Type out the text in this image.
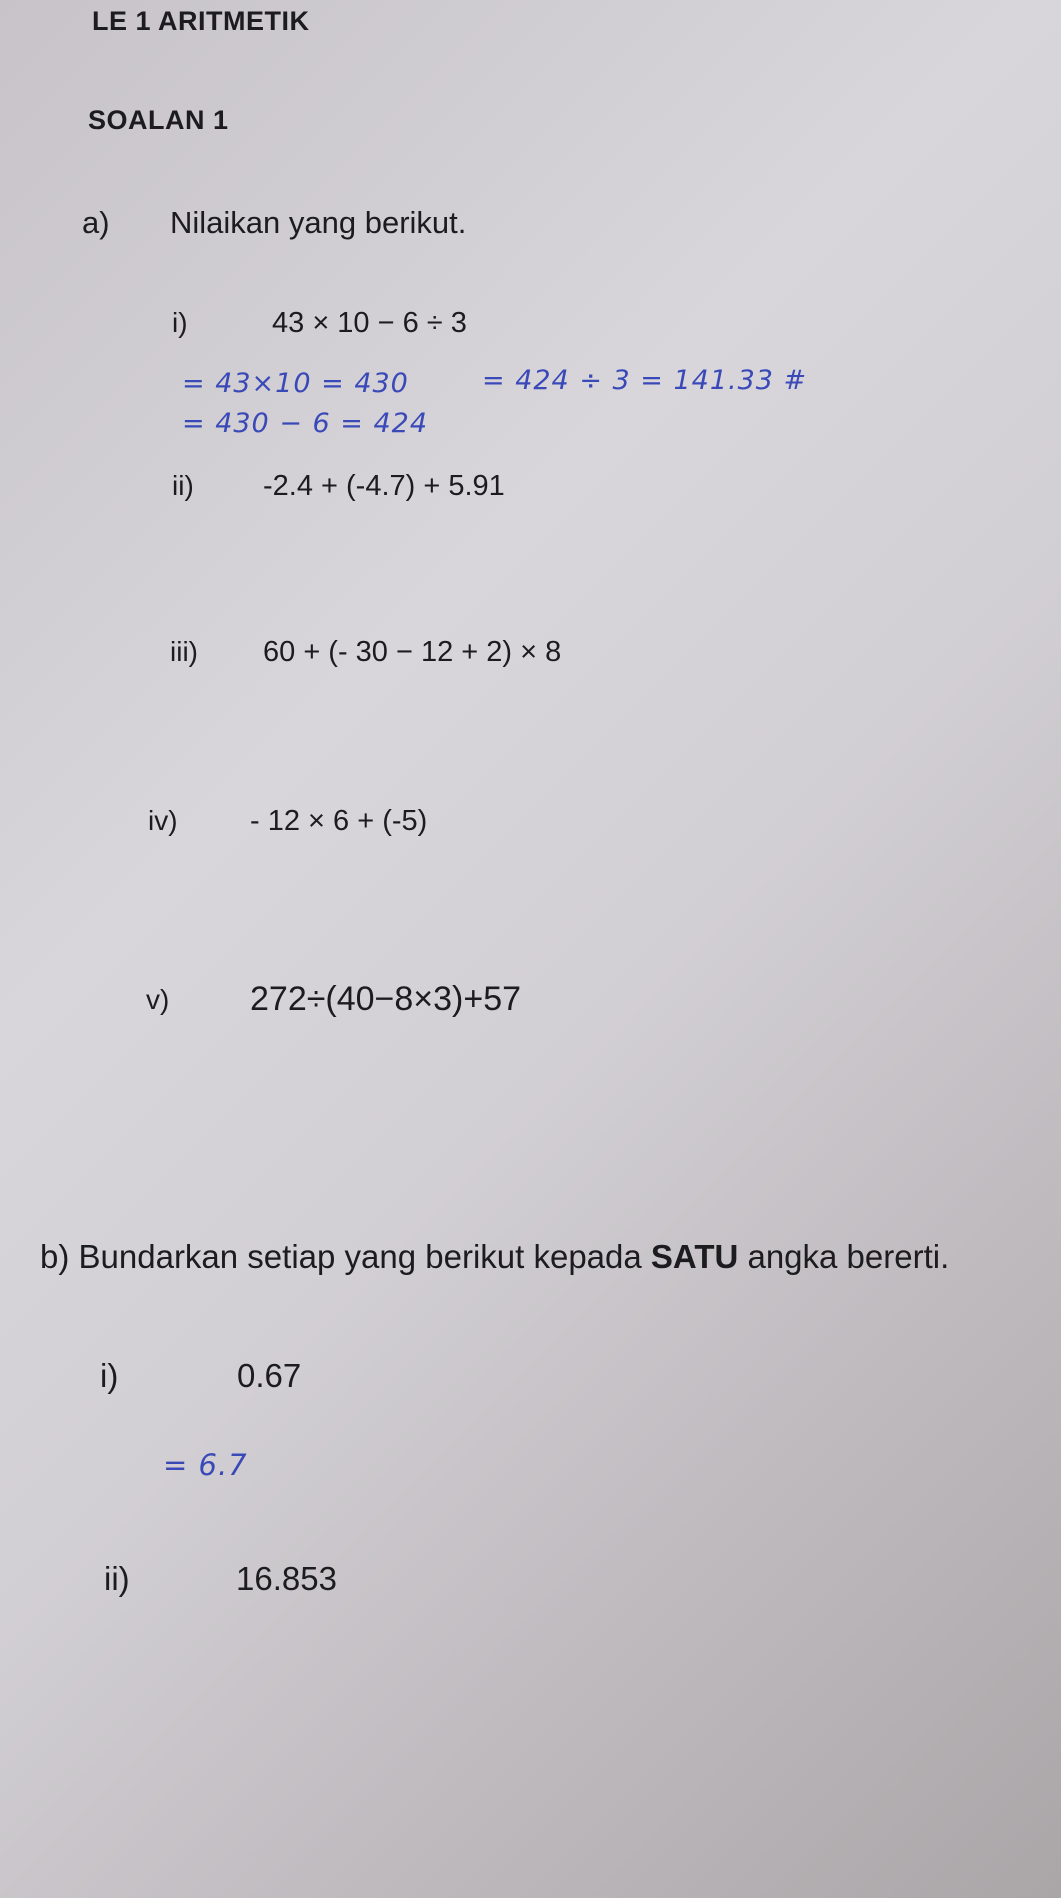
LE 1 ARITMETIK
SOALAN 1
a) Nilaikan yang berikut.
i)	43 × 10 − 6 ÷ 3
= 43×10 = 430	= 424 ÷ 3 = 141.33 #
= 430 − 6 = 424
ii) -2.4 + (-4.7) + 5.91
iii) 60 + (- 30 − 12 + 2) × 8
iv) - 12 × 6 + (-5)
v) 272÷(40−8×3)+57
b) Bundarkan setiap yang berikut kepada SATU angka bererti.
i)	0.67
= 6.7
ii)	16.853
